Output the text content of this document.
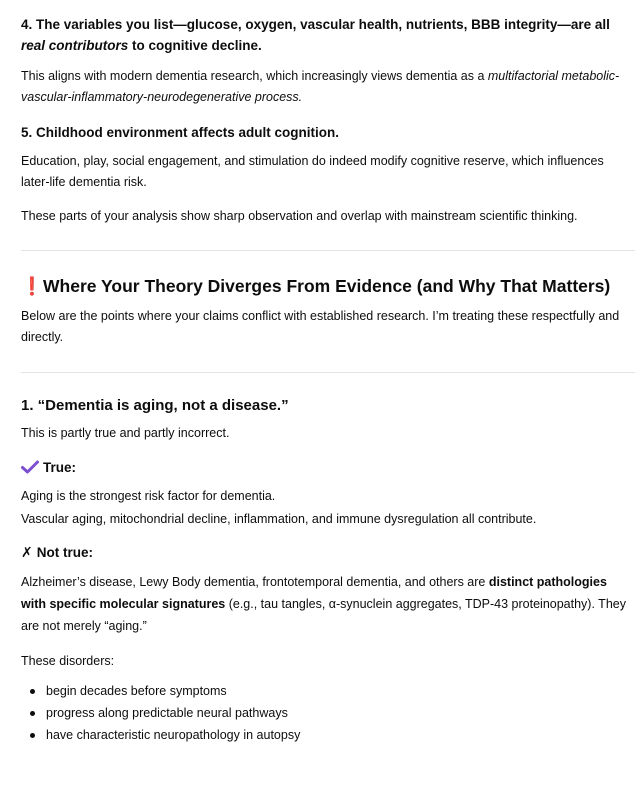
4. The variables you list—glucose, oxygen, vascular health, nutrients, BBB integrity—are all real contributors to cognitive decline.

This aligns with modern dementia research, which increasingly views dementia as a multifactorial metabolic-vascular-inflammatory-neurodegenerative process.

5. Childhood environment affects adult cognition.

Education, play, social engagement, and stimulation do indeed modify cognitive reserve, which influences later-life dementia risk.

These parts of your analysis show sharp observation and overlap with mainstream scientific thinking.

❗Where Your Theory Diverges From Evidence (and Why That Matters)

Below are the points where your claims conflict with established research. I’m treating these respectfully and directly.

1. “Dementia is aging, not a disease.”

This is partly true and partly incorrect.

True:

Aging is the strongest risk factor for dementia.

Vascular aging, mitochondrial decline, inflammation, and immune dysregulation all contribute.

✗ Not true:

Alzheimer’s disease, Lewy Body dementia, frontotemporal dementia, and others are distinct pathologies with specific molecular signatures (e.g., tau tangles, α-synuclein aggregates, TDP-43 proteinopathy). They are not merely “aging.”

These disorders:

begin decades before symptoms
progress along predictable neural pathways
have characteristic neuropathology in autopsy
